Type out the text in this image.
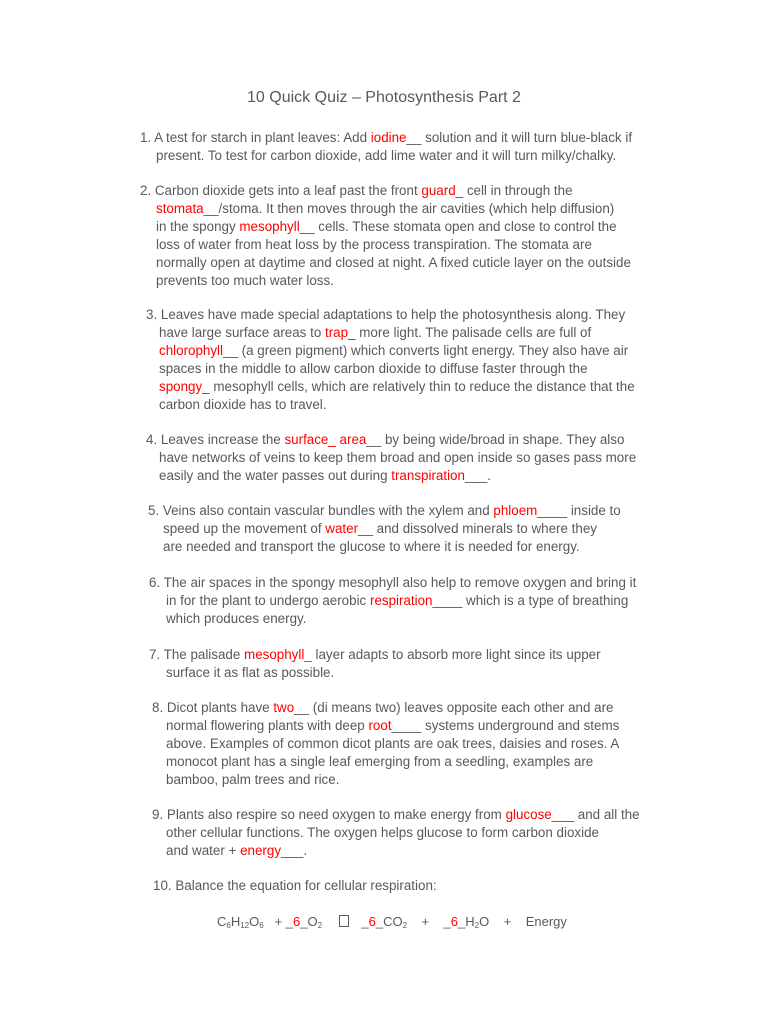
10 Quick Quiz – Photosynthesis Part 2
1. A test for starch in plant leaves: Add iodine__ solution and it will turn blue-black if
present. To test for carbon dioxide, add lime water and it will turn milky/chalky.
2. Carbon dioxide gets into a leaf past the front guard_ cell in through the
stomata__/stoma. It then moves through the air cavities (which help diffusion)
in the spongy mesophyll__ cells. These stomata open and close to control the
loss of water from heat loss by the process transpiration. The stomata are
normally open at daytime and closed at night. A fixed cuticle layer on the outside
prevents too much water loss.
3. Leaves have made special adaptations to help the photosynthesis along. They
have large surface areas to trap_ more light. The palisade cells are full of
chlorophyll__ (a green pigment) which converts light energy. They also have air
spaces in the middle to allow carbon dioxide to diffuse faster through the
spongy_ mesophyll cells, which are relatively thin to reduce the distance that the
carbon dioxide has to travel.
4. Leaves increase the surface_ area__ by being wide/broad in shape. They also
have networks of veins to keep them broad and open inside so gases pass more
easily and the water passes out during transpiration___.
5. Veins also contain vascular bundles with the xylem and phloem____ inside to
speed up the movement of water__ and dissolved minerals to where they
are needed and transport the glucose to where it is needed for energy.
6. The air spaces in the spongy mesophyll also help to remove oxygen and bring it
in for the plant to undergo aerobic respiration____ which is a type of breathing
which produces energy.
7. The palisade mesophyll_ layer adapts to absorb more light since its upper
surface it as flat as possible.
8. Dicot plants have two__ (di means two) leaves opposite each other and are
normal flowering plants with deep root____ systems underground and stems
above. Examples of common dicot plants are oak trees, daisies and roses. A
monocot plant has a single leaf emerging from a seedling, examples are
bamboo, palm trees and rice.
9. Plants also respire so need oxygen to make energy from glucose___ and all the
other cellular functions. The oxygen helps glucose to form carbon dioxide
and water + energy___.
10. Balance the equation for cellular respiration:
$C_6H_{12}O_6$ + $\_6\_O_2$	$\_6\_CO_2$ + $\_6\_H_2O$ + Energy
